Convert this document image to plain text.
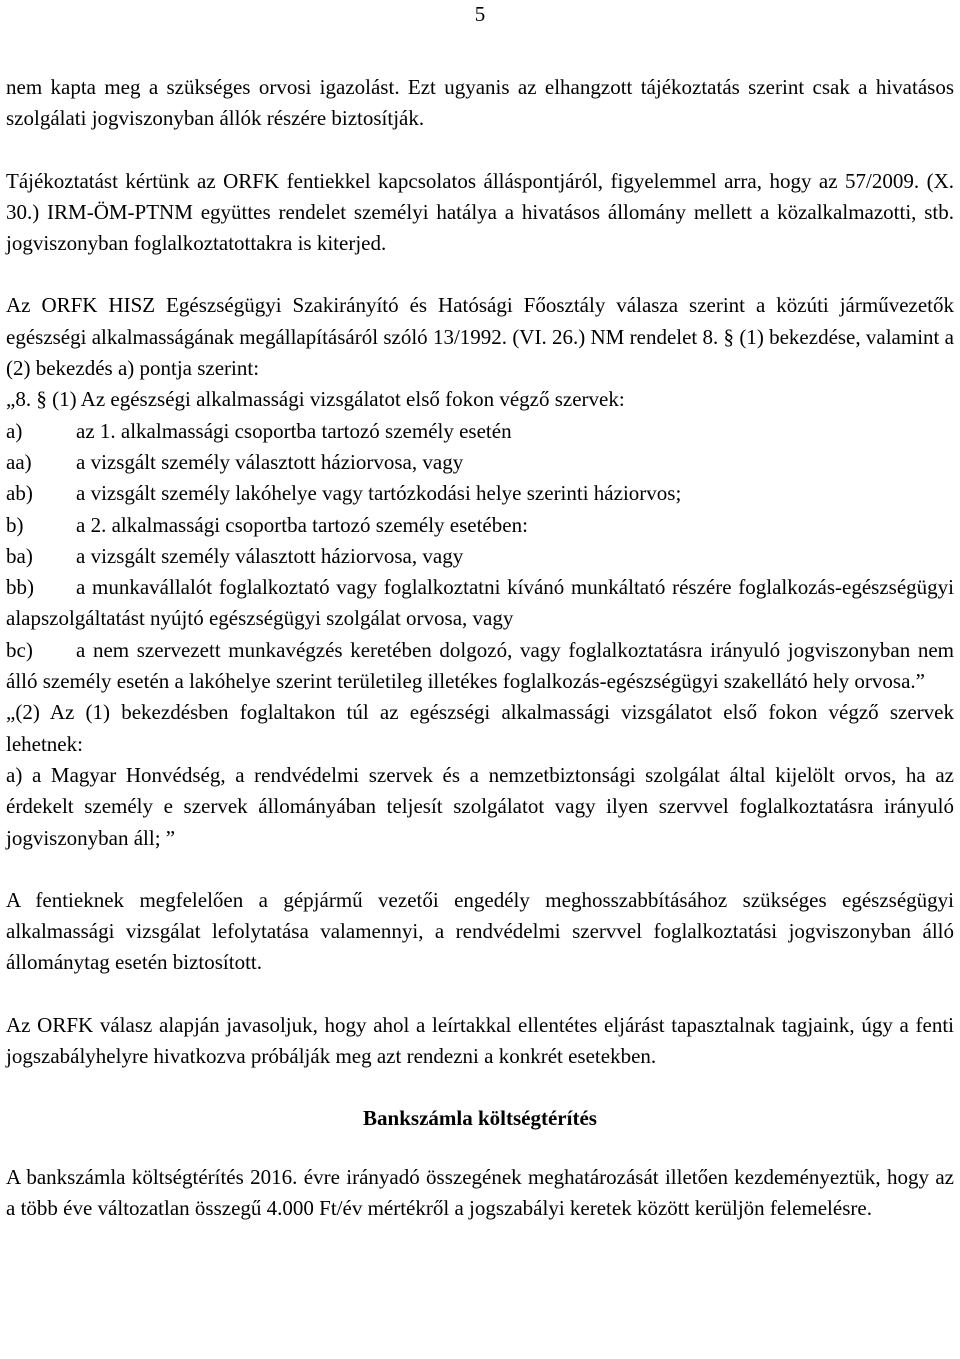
5

nem kapta meg a szükséges orvosi igazolást. Ezt ugyanis az elhangzott tájékoztatás szerint csak a hivatásos szolgálati jogviszonyban állók részére biztosítják.

Tájékoztatást kértünk az ORFK fentiekkel kapcsolatos álláspontjáról, figyelemmel arra, hogy az 57/2009. (X. 30.) IRM-ÖM-PTNM együttes rendelet személyi hatálya a hivatásos állomány mellett a közalkalmazotti, stb. jogviszonyban foglalkoztatottakra is kiterjed.

Az ORFK HISZ Egészségügyi Szakirányító és Hatósági Főosztály válasza szerint a közúti járművezetők egészségi alkalmasságának megállapításáról szóló 13/1992. (VI. 26.) NM rendelet 8. § (1) bekezdése, valamint a (2) bekezdés a) pontja szerint:

„8. § (1) Az egészségi alkalmassági vizsgálatot első fokon végző szervek:

a)	az 1. alkalmassági csoportba tartozó személy esetén
aa)	a vizsgált személy választott háziorvosa, vagy
ab)	a vizsgált személy lakóhelye vagy tartózkodási helye szerinti háziorvos;
b)	a 2. alkalmassági csoportba tartozó személy esetében:
ba)	a vizsgált személy választott háziorvosa, vagy

bb) a munkavállalót foglalkoztató vagy foglalkoztatni kívánó munkáltató részére foglalkozás-egészségügyi alapszolgáltatást nyújtó egészségügyi szolgálat orvosa, vagy

bc) a nem szervezett munkavégzés keretében dolgozó, vagy foglalkoztatásra irányuló jogviszonyban nem álló személy esetén a lakóhelye szerint területileg illetékes foglalkozás-egészségügyi szakellátó hely orvosa.”

„(2) Az (1) bekezdésben foglaltakon túl az egészségi alkalmassági vizsgálatot első fokon végző szervek lehetnek:

a) a Magyar Honvédség, a rendvédelmi szervek és a nemzetbiztonsági szolgálat által kijelölt orvos, ha az érdekelt személy e szervek állományában teljesít szolgálatot vagy ilyen szervvel foglalkoztatásra irányuló jogviszonyban áll; ”

A fentieknek megfelelően a gépjármű vezetői engedély meghosszabbításához szükséges egészségügyi alkalmassági vizsgálat lefolytatása valamennyi, a rendvédelmi szervvel foglalkoztatási jogviszonyban álló állománytag esetén biztosított.

Az ORFK válasz alapján javasoljuk, hogy ahol a leírtakkal ellentétes eljárást tapasztalnak tagjaink, úgy a fenti jogszabályhelyre hivatkozva próbálják meg azt rendezni a konkrét esetekben.

Bankszámla költségtérítés

A bankszámla költségtérítés 2016. évre irányadó összegének meghatározását illetően kezdeményeztük, hogy az a több éve változatlan összegű 4.000 Ft/év mértékről a jogszabályi keretek között kerüljön felemelésre.
